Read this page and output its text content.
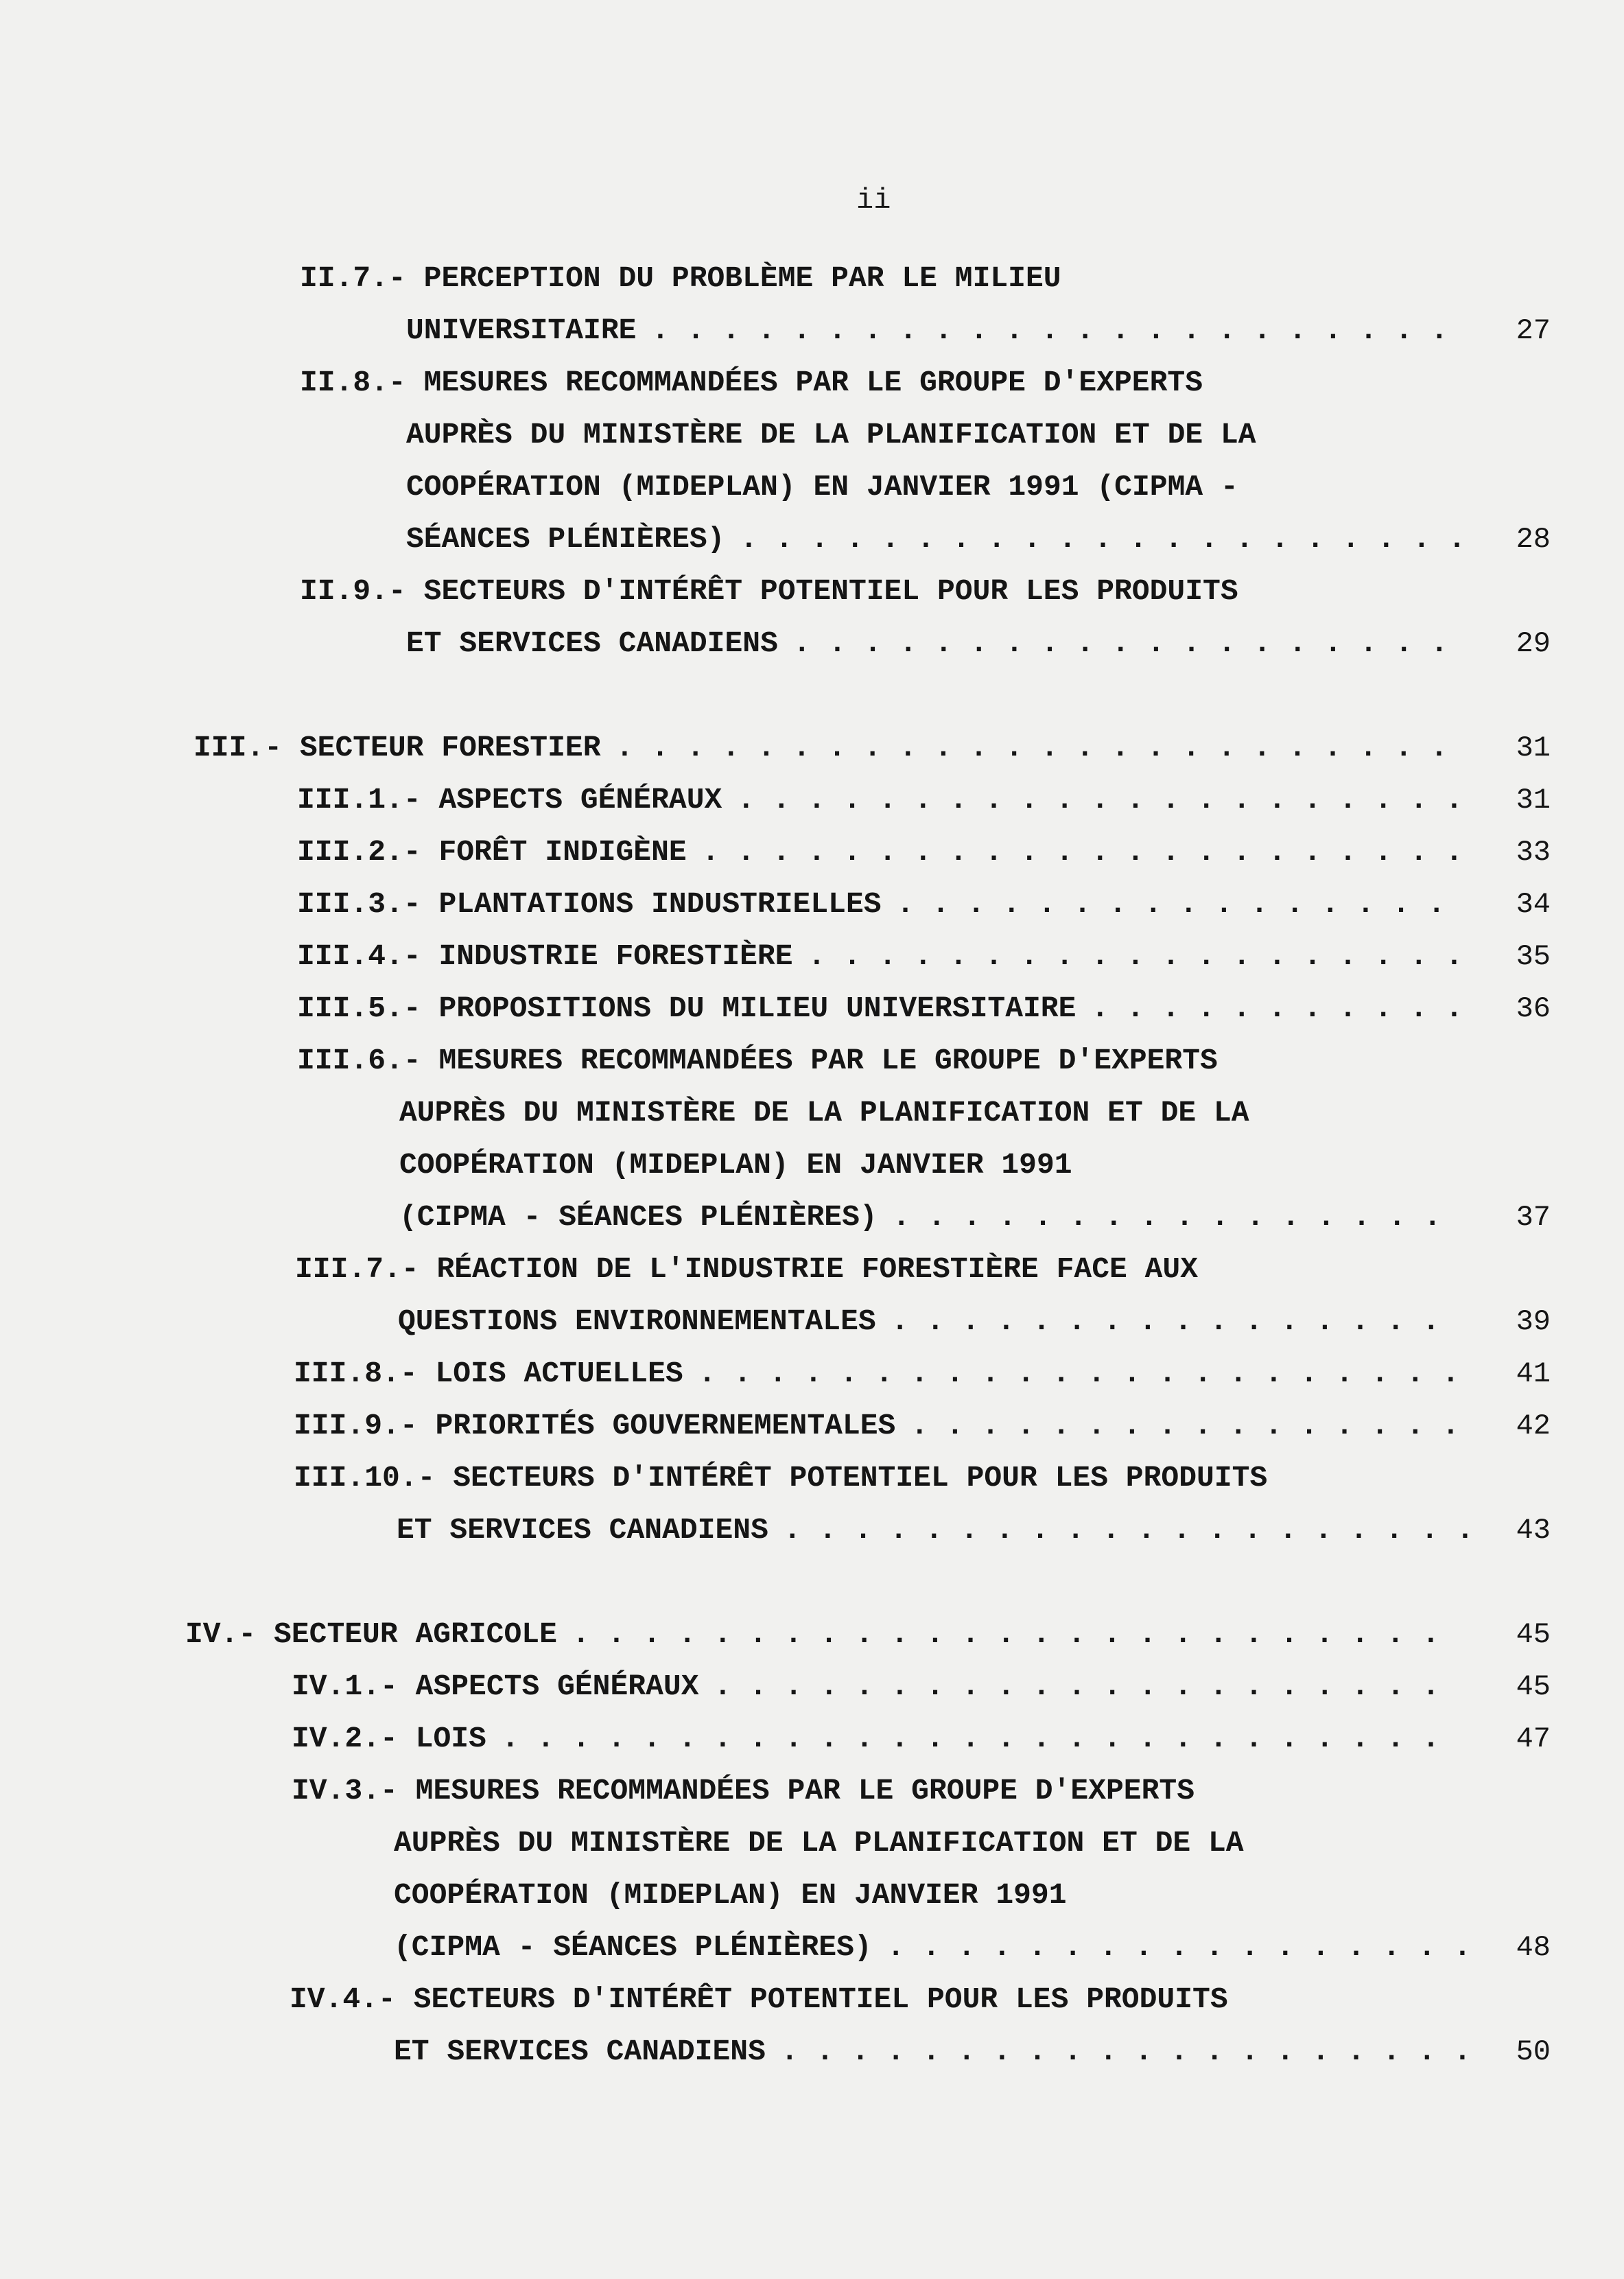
ii
II.7.- PERCEPTION DU PROBLÈME PAR LE MILIEU
UNIVERSITAIRE . . . . . . . . . . . . . . . . . . . . . . . 27
II.8.- MESURES RECOMMANDÉES PAR LE GROUPE D'EXPERTS
AUPRÈS DU MINISTÈRE DE LA PLANIFICATION ET DE LA
COOPÉRATION (MIDEPLAN) EN JANVIER 1991 (CIPMA -
SÉANCES PLÉNIÈRES) . . . . . . . . . . . . . . . . . . . . . 28
II.9.- SECTEURS D'INTÉRÊT POTENTIEL POUR LES PRODUITS
ET SERVICES CANADIENS . . . . . . . . . . . . . . . . . . . 29
III.- SECTEUR FORESTIER . . . . . . . . . . . . . . . . . . . . . . . . 31
III.1.- ASPECTS GÉNÉRAUX . . . . . . . . . . . . . . . . . . . . . 31
III.2.- FORÊT INDIGÈNE . . . . . . . . . . . . . . . . . . . . . . 33
III.3.- PLANTATIONS INDUSTRIELLES . . . . . . . . . . . . . . . . 34
III.4.- INDUSTRIE FORESTIÈRE . . . . . . . . . . . . . . . . . . . 35
III.5.- PROPOSITIONS DU MILIEU UNIVERSITAIRE . . . . . . . . . . . 36
III.6.- MESURES RECOMMANDÉES PAR LE GROUPE D'EXPERTS
AUPRÈS DU MINISTÈRE DE LA PLANIFICATION ET DE LA
COOPÉRATION (MIDEPLAN) EN JANVIER 1991
(CIPMA - SÉANCES PLÉNIÈRES) . . . . . . . . . . . . . . . .	37
III.7.- RÉACTION DE L'INDUSTRIE FORESTIÈRE FACE AUX
QUESTIONS ENVIRONNEMENTALES . . . . . . . . . . . . . . . .	39
III.8.- LOIS ACTUELLES . . . . . . . . . . . . . . . . . . . . . . 41
III.9.- PRIORITÉS GOUVERNEMENTALES . . . . . . . . . . . . . . . . 42
III.10.- SECTEURS D'INTÉRÊT POTENTIEL POUR LES PRODUITS
ET SERVICES CANADIENS . . . . . . . . . . . . . . . . . . . . 43
IV.- SECTEUR AGRICOLE . . . . . . . . . . . . . . . . . . . . . . . . .	45
IV.1.- ASPECTS GÉNÉRAUX . . . . . . . . . . . . . . . . . . . . .	45
IV.2.- LOIS . . . . . . . . . . . . . . . . . . . . . . . . . . .	47
IV.3.- MESURES RECOMMANDÉES PAR LE GROUPE D'EXPERTS
AUPRÈS DU MINISTÈRE DE LA PLANIFICATION ET DE LA
COOPÉRATION (MIDEPLAN) EN JANVIER 1991
(CIPMA - SÉANCES PLÉNIÈRES) . . . . . . . . . . . . . . . . . 48
IV.4.- SECTEURS D'INTÉRÊT POTENTIEL POUR LES PRODUITS
ET SERVICES CANADIENS . . . . . . . . . . . . . . . . . . . . 50
